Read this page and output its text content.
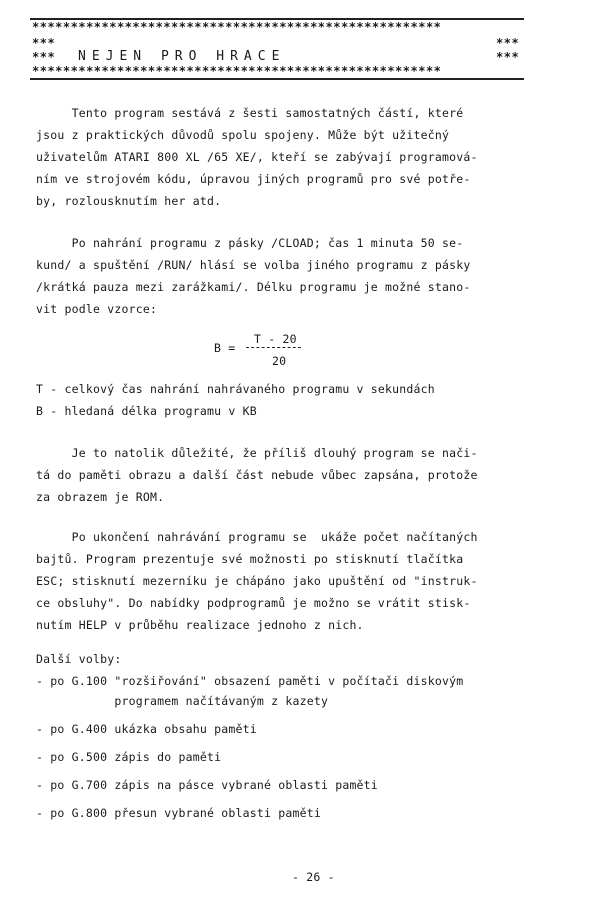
*****************************************************
***	***
*** NEJEN PRO HRACE	***
*****************************************************
Tento program sestává z šesti samostatných částí, které
jsou z praktických důvodů spolu spojeny. Může být užitečný
uživatelům ATARI 800 XL /65 XE/, kteří se zabývají programová-
ním ve strojovém kódu, úpravou jiných programů pro své potře-
by, rozlousknutím her atd.
Po nahrání programu z pásky /CLOAD; čas 1 minuta 50 se-
kund/ a spuštění /RUN/ hlásí se volba jiného programu z pásky
/krátká pauza mezi zarážkami/. Délku programu je možné stano-
vit podle vzorce:
B =
T - 20
20
T - celkový čas nahrání nahrávaného programu v sekundách
B - hledaná délka programu v KB
Je to natolik důležité, že příliš dlouhý program se nači-
tá do paměti obrazu a další část nebude vůbec zapsána, protože
za obrazem je ROM.
Po ukončení nahrávání programu se  ukáže počet načítaných
bajtů. Program prezentuje své možnosti po stisknutí tlačítka
ESC; stisknutí mezerníku je chápáno jako upuštění od "instruk-
ce obsluhy". Do nabídky podprogramů je možno se vrátit stisk-
nutím HELP v průběhu realizace jednoho z nich.
Další volby:
- po G.100 "rozšiřování" obsazení paměti v počítači diskovým
programem načítávaným z kazety
- po G.400 ukázka obsahu paměti
- po G.500 zápis do paměti
- po G.700 zápis na pásce vybrané oblasti paměti
- po G.800 přesun vybrané oblasti paměti
- 26 -
